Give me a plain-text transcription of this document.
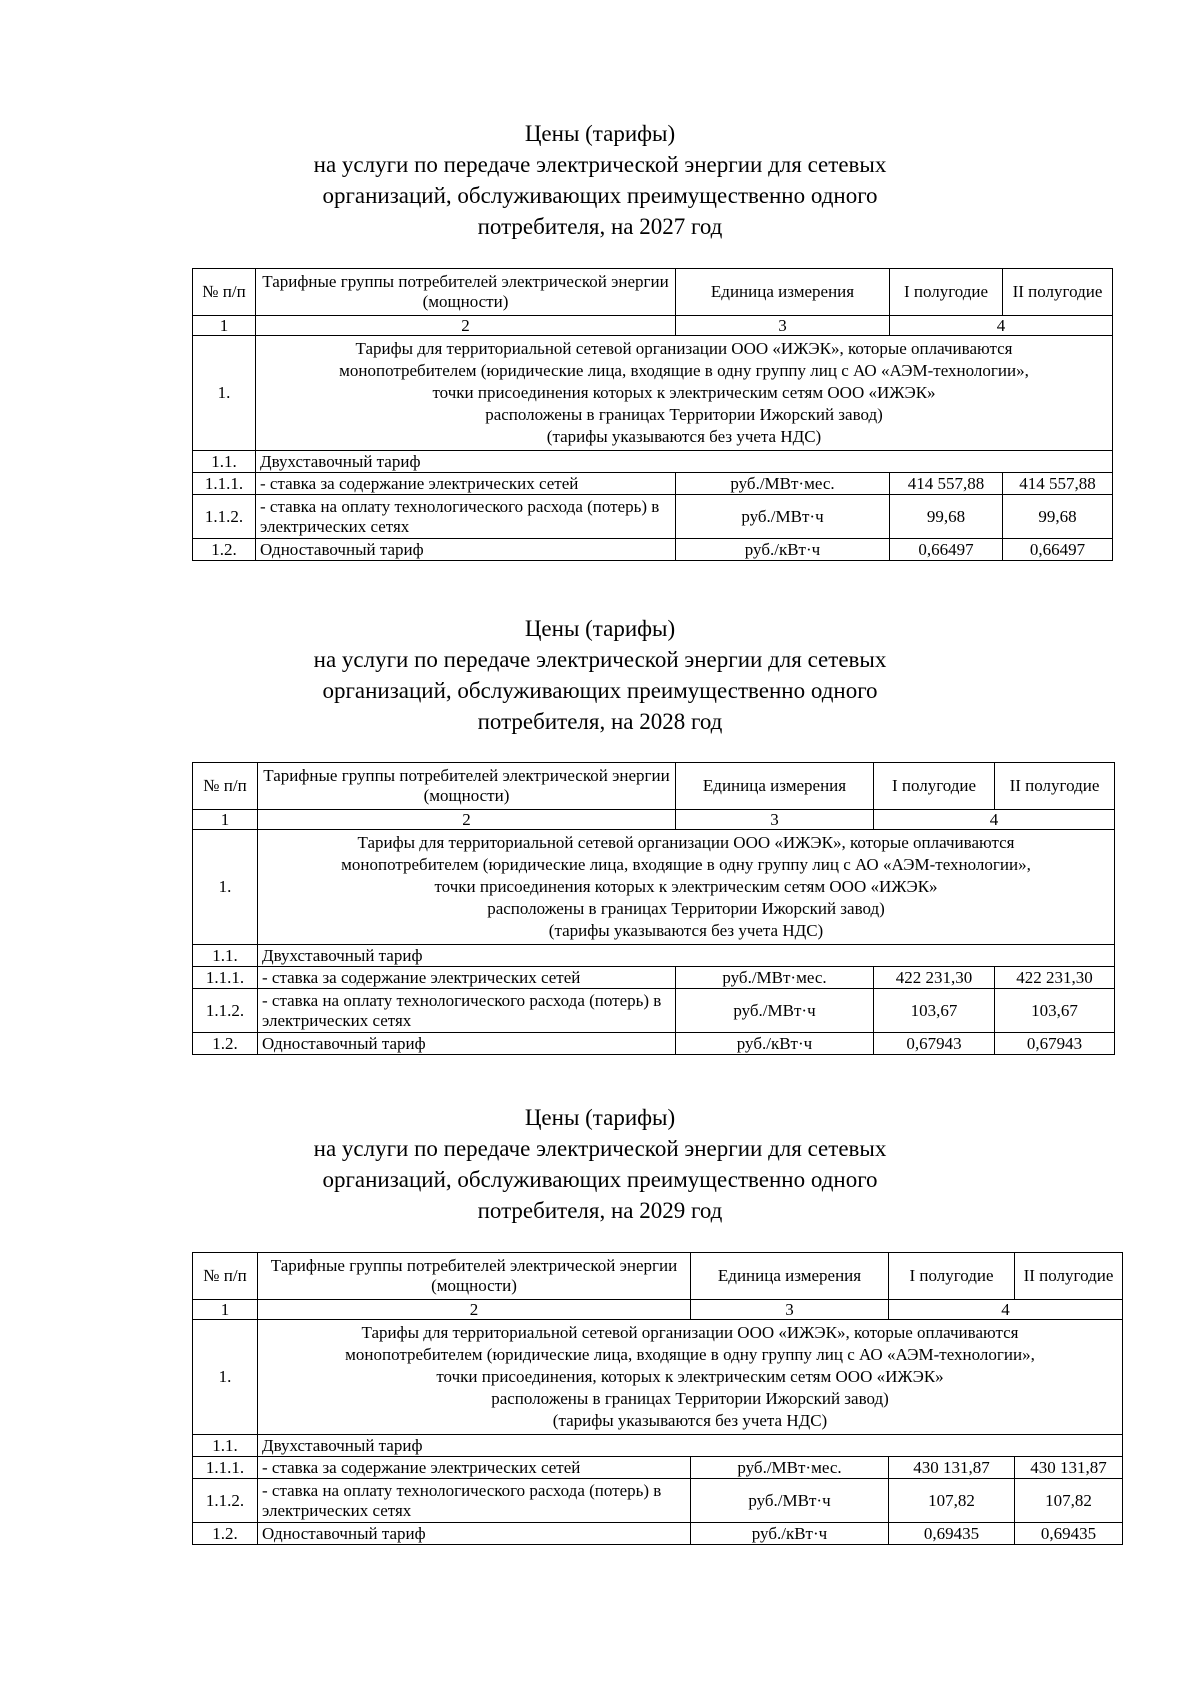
Цены (тарифы)
на услуги по передаче электрической энергии для сетевых
организаций, обслуживающих преимущественно одного
потребителя, на 2027 год
№ п/п	Тарифные группы потребителей электрической энергии (мощности)	Единица измерения	I полугодие	II полугодие
1	2	3	4	
1.	Тарифы для территориальной сетевой организации ООО «ИЖЭК», которые оплачиваются
монопотребителем (юридические лица, входящие в одну группу лиц с АО «АЭМ-технологии»,
точки присоединения которых к электрическим сетям ООО «ИЖЭК»
расположены в границах Территории Ижорский завод)
(тарифы указываются без учета НДС)			

1.1.	Двухставочный тариф			
1.1.1.	- ставка за содержание электрических сетей	руб./МВт·мес.	414 557,88	414 557,88
1.1.2.	- ставка на оплату технологического расхода (потерь) в электрических сетях	руб./МВт·ч	99,68	99,68
1.2.	Одноставочный тариф	руб./кВт·ч	0,66497	0,66497
Цены (тарифы)
на услуги по передаче электрической энергии для сетевых
организаций, обслуживающих преимущественно одного
потребителя, на 2028 год
№ п/п	Тарифные группы потребителей электрической энергии (мощности)	Единица измерения	I полугодие	II полугодие
1	2	3	4	
1.	Тарифы для территориальной сетевой организации ООО «ИЖЭК», которые оплачиваются
монопотребителем (юридические лица, входящие в одну группу лиц с АО «АЭМ-технологии»,
точки присоединения которых к электрическим сетям ООО «ИЖЭК»
расположены в границах Территории Ижорский завод)
(тарифы указываются без учета НДС)			

1.1.	Двухставочный тариф			
1.1.1.	- ставка за содержание электрических сетей	руб./МВт·мес.	422 231,30	422 231,30
1.1.2.	- ставка на оплату технологического расхода (потерь) в электрических сетях	руб./МВт·ч	103,67	103,67
1.2.	Одноставочный тариф	руб./кВт·ч	0,67943	0,67943
Цены (тарифы)
на услуги по передаче электрической энергии для сетевых
организаций, обслуживающих преимущественно одного
потребителя, на 2029 год
№ п/п	Тарифные группы потребителей электрической энергии (мощности)	Единица измерения	I полугодие	II полугодие
1	2	3	4	
1.	Тарифы для территориальной сетевой организации ООО «ИЖЭК», которые оплачиваются
монопотребителем (юридические лица, входящие в одну группу лиц с АО «АЭМ-технологии»,
точки присоединения, которых к электрическим сетям ООО «ИЖЭК»
расположены в границах Территории Ижорский завод)
(тарифы указываются без учета НДС)			

1.1.	Двухставочный тариф			
1.1.1.	- ставка за содержание электрических сетей	руб./МВт·мес.	430 131,87	430 131,87
1.1.2.	- ставка на оплату технологического расхода (потерь) в электрических сетях	руб./МВт·ч	107,82	107,82
1.2.	Одноставочный тариф	руб./кВт·ч	0,69435	0,69435
